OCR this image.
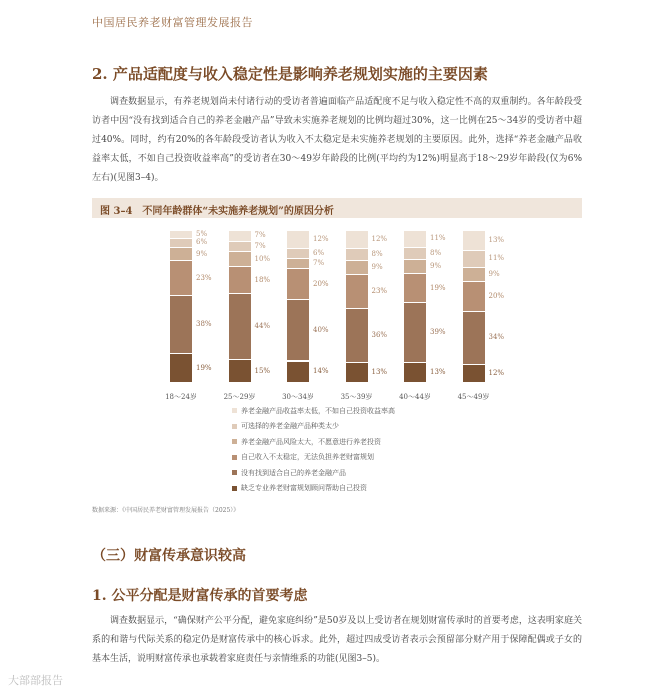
中国居民养老财富管理发展报告
2. 产品适配度与收入稳定性是影响养老规划实施的主要因素
调查数据显示，有养老规划尚未付诸行动的受访者普遍面临产品适配度不足与收入稳定性不高的双重制约。各年龄段受访者中因“没有找到适合自己的养老金融产品”导致未实施养老规划的比例均超过30%，这一比例在25～34岁的受访者中超过40%。同时，约有20%的各年龄段受访者认为收入不太稳定是未实施养老规划的主要原因。此外，选择“养老金融产品收益率太低，不如自己投资收益率高”的受访者在30～49岁年龄段的比例(平均约为12%)明显高于18～29岁年龄段(仅为6%左右)(见图3–4)。
图 3–4　不同年龄群体“未实施养老规划”的原因分析
19%
38%
23%
9%
6%
5%
15%
44%
18%
10%
7%
7%
14%
40%
20%
7%
6%
12%
13%
36%
23%
9%
8%
12%
13%
39%
19%
9%
8%
11%
12%
34%
20%
9%
11%
13%
18～24岁	25～29岁	30～34岁	35～39岁	40～44岁	45～49岁
养老金融产品收益率太低，不如自己投资收益率高
可选择的养老金融产品种类太少
养老金融产品风险太大，不愿意进行养老投资
自己收入不太稳定，无法负担养老财富规划
没有找到适合自己的养老金融产品
缺乏专业养老财富规划顾问帮助自己投资
数据来源：《中国居民养老财富管理发展报告（2025）》
（三）财富传承意识较高
1. 公平分配是财富传承的首要考虑
调查数据显示，“确保财产公平分配，避免家庭纠纷”是50岁及以上受访者在规划财富传承时的首要考虑，这表明家庭关系的和谐与代际关系的稳定仍是财富传承中的核心诉求。此外，超过四成受访者表示会预留部分财产用于保障配偶或子女的基本生活，说明财富传承也承载着家庭责任与亲情维系的功能(见图3–5)。
大部部报告
